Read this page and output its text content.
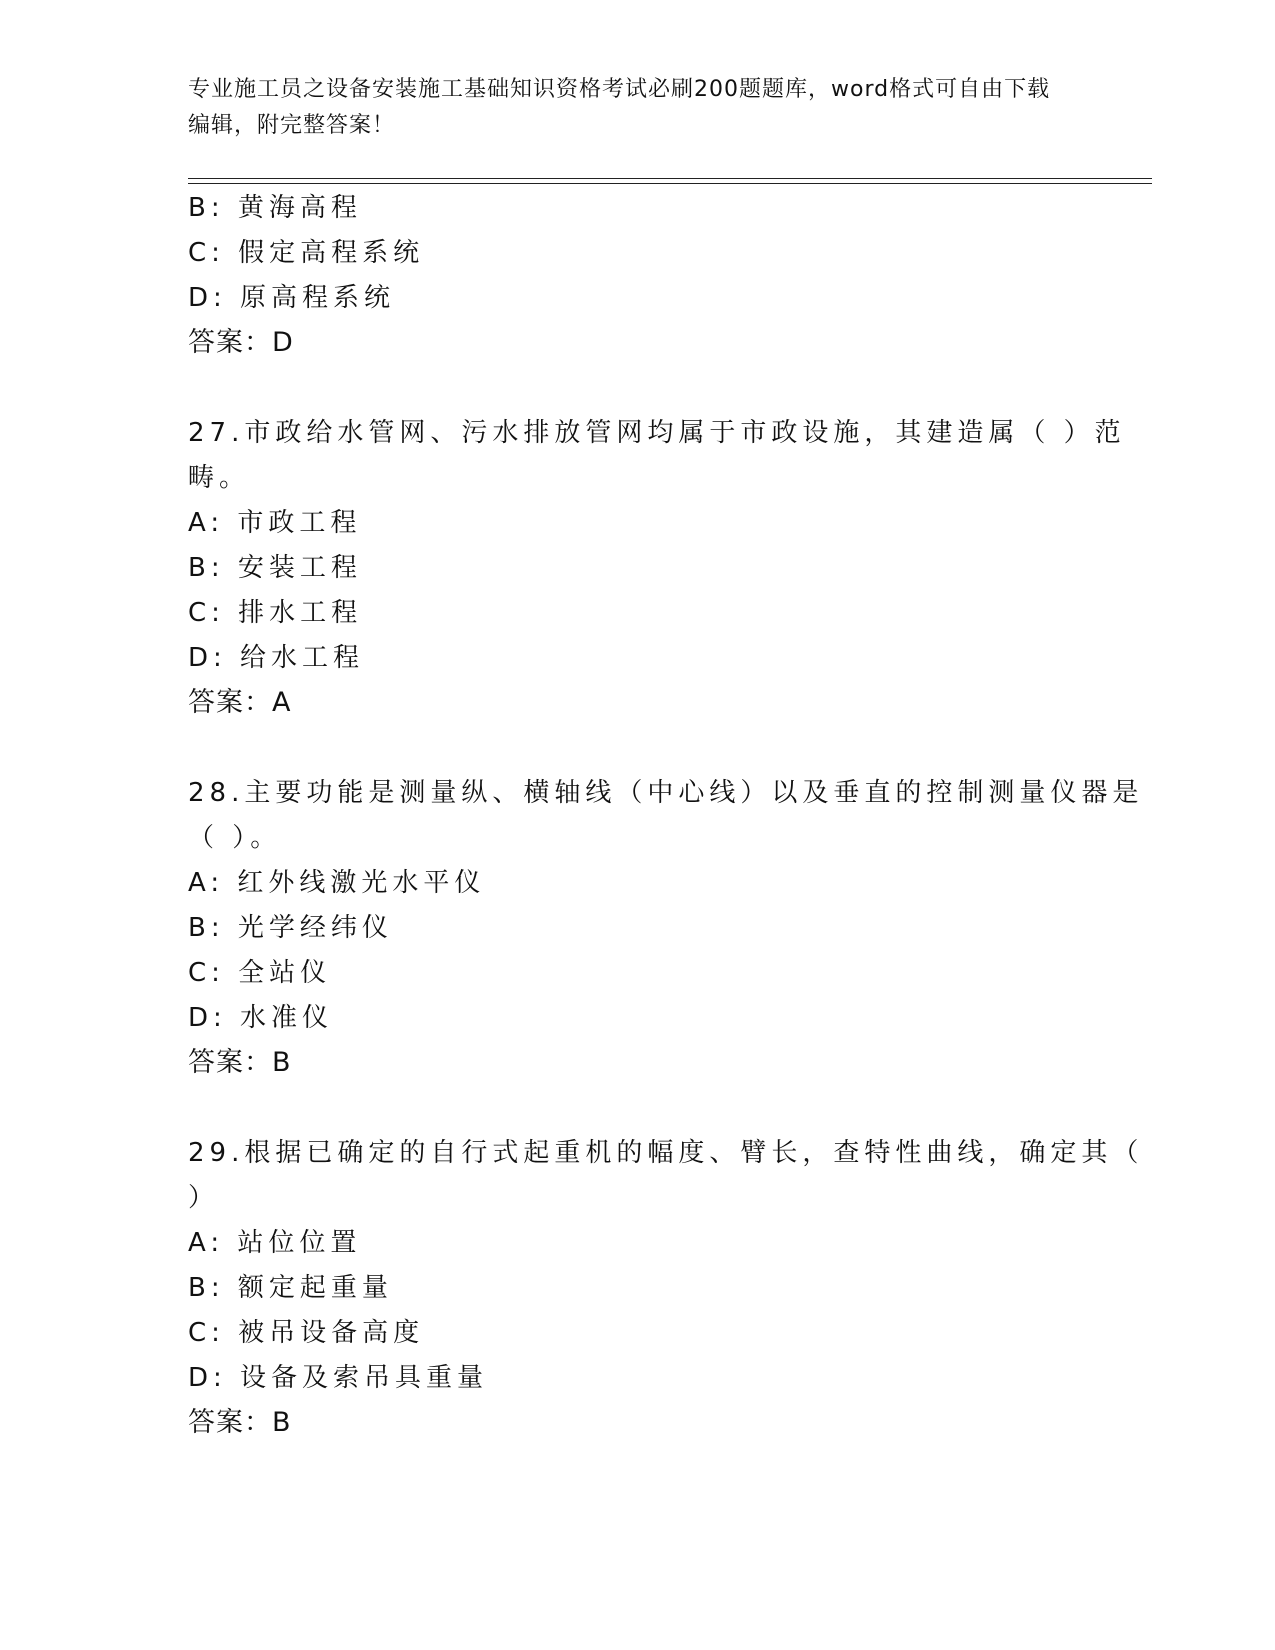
专业施工员之设备安装施工基础知识资格考试必刷200题题库，word格式可自由下载编辑，附完整答案！
B: 黄海高程
C: 假定高程系统
D: 原高程系统
答案：D
27.市政给水管网、污水排放管网均属于市政设施，其建造属（ ）范
畴。
A: 市政工程
B: 安装工程
C: 排水工程
D: 给水工程
答案：A
28.主要功能是测量纵、横轴线（中心线）以及垂直的控制测量仪器是
（ ）。
A: 红外线激光水平仪
B: 光学经纬仪
C: 全站仪
D: 水准仪
答案：B
29.根据已确定的自行式起重机的幅度、臂长，查特性曲线，确定其（
）
A: 站位位置
B: 额定起重量
C: 被吊设备高度
D: 设备及索吊具重量
答案：B
